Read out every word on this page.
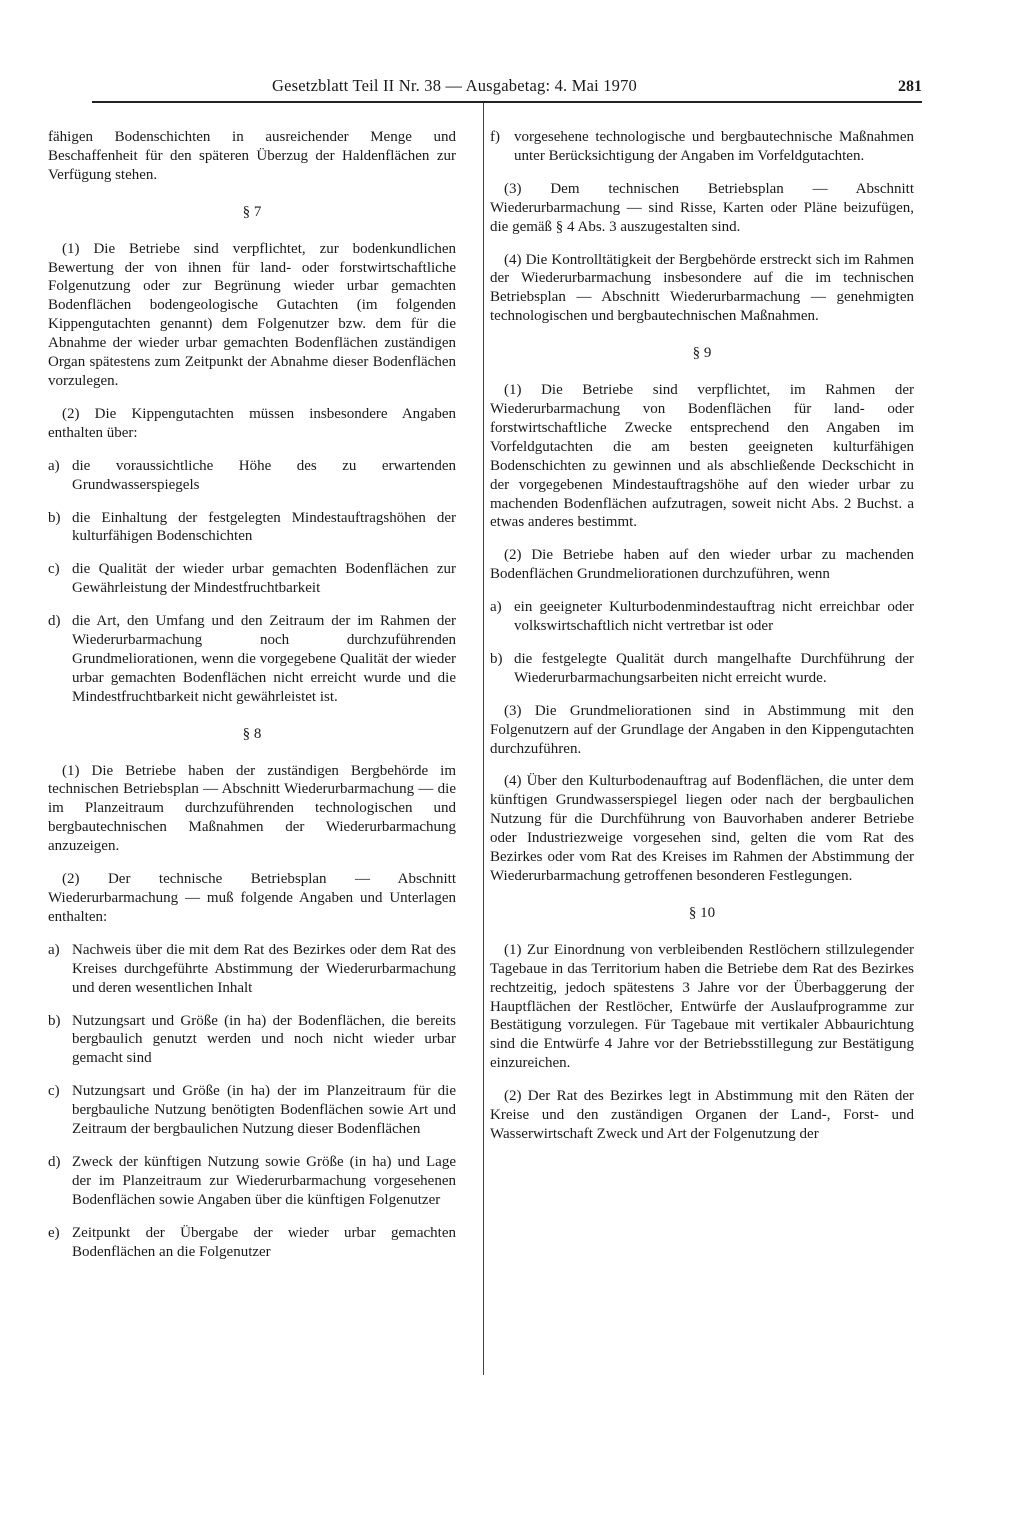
Gesetzblatt Teil II Nr. 38 — Ausgabetag: 4. Mai 1970	281

fähigen Bodenschichten in ausreichender Menge und Beschaffenheit für den späteren Überzug der Haldenflächen zur Verfügung stehen.

§ 7

(1) Die Betriebe sind verpflichtet, zur bodenkundlichen Bewertung der von ihnen für land- oder forstwirtschaftliche Folgenutzung oder zur Begrünung wieder urbar gemachten Bodenflächen bodengeologische Gutachten (im folgenden Kippengutachten genannt) dem Folgenutzer bzw. dem für die Abnahme der wieder urbar gemachten Bodenflächen zuständigen Organ spätestens zum Zeitpunkt der Abnahme dieser Bodenflächen vorzulegen.

(2) Die Kippengutachten müssen insbesondere Angaben enthalten über:

a) die voraussichtliche Höhe des zu erwartenden Grundwasserspiegels
b) die Einhaltung der festgelegten Mindestauftragshöhen der kulturfähigen Bodenschichten
c) die Qualität der wieder urbar gemachten Bodenflächen zur Gewährleistung der Mindestfruchtbarkeit
d) die Art, den Umfang und den Zeitraum der im Rahmen der Wiederurbarmachung noch durchzuführenden Grundmeliorationen, wenn die vorgegebene Qualität der wieder urbar gemachten Bodenflächen nicht erreicht wurde und die Mindestfruchtbarkeit nicht gewährleistet ist.
§ 8

(1) Die Betriebe haben der zuständigen Bergbehörde im technischen Betriebsplan — Abschnitt Wiederurbarmachung — die im Planzeitraum durchzuführenden technologischen und bergbautechnischen Maßnahmen der Wiederurbarmachung anzuzeigen.

(2) Der technische Betriebsplan — Abschnitt Wiederurbarmachung — muß folgende Angaben und Unterlagen enthalten:

a) Nachweis über die mit dem Rat des Bezirkes oder dem Rat des Kreises durchgeführte Abstimmung der Wiederurbarmachung und deren wesentlichen Inhalt
b) Nutzungsart und Größe (in ha) der Bodenflächen, die bereits bergbaulich genutzt werden und noch nicht wieder urbar gemacht sind
c) Nutzungsart und Größe (in ha) der im Planzeitraum für die bergbauliche Nutzung benötigten Bodenflächen sowie Art und Zeitraum der bergbaulichen Nutzung dieser Bodenflächen
d) Zweck der künftigen Nutzung sowie Größe (in ha) und Lage der im Planzeitraum zur Wiederurbarmachung vorgesehenen Bodenflächen sowie Angaben über die künftigen Folgenutzer
e) Zeitpunkt der Übergabe der wieder urbar gemachten Bodenflächen an die Folgenutzer
f) vorgesehene technologische und bergbautechnische Maßnahmen unter Berücksichtigung der Angaben im Vorfeldgutachten.

(3) Dem technischen Betriebsplan — Abschnitt Wiederurbarmachung — sind Risse, Karten oder Pläne beizufügen, die gemäß § 4 Abs. 3 auszugestalten sind.

(4) Die Kontrolltätigkeit der Bergbehörde erstreckt sich im Rahmen der Wiederurbarmachung insbesondere auf die im technischen Betriebsplan — Abschnitt Wiederurbarmachung — genehmigten technologischen und bergbautechnischen Maßnahmen.

§ 9

(1) Die Betriebe sind verpflichtet, im Rahmen der Wiederurbarmachung von Bodenflächen für land- oder forstwirtschaftliche Zwecke entsprechend den Angaben im Vorfeldgutachten die am besten geeigneten kulturfähigen Bodenschichten zu gewinnen und als abschließende Deckschicht in der vorgegebenen Mindestauftragshöhe auf den wieder urbar zu machenden Bodenflächen aufzutragen, soweit nicht Abs. 2 Buchst. a etwas anderes bestimmt.

(2) Die Betriebe haben auf den wieder urbar zu machenden Bodenflächen Grundmeliorationen durchzuführen, wenn

a) ein geeigneter Kulturbodenmindestauftrag nicht erreichbar oder volkswirtschaftlich nicht vertretbar ist oder
b) die festgelegte Qualität durch mangelhafte Durchführung der Wiederurbarmachungsarbeiten nicht erreicht wurde.

(3) Die Grundmeliorationen sind in Abstimmung mit den Folgenutzern auf der Grundlage der Angaben in den Kippengutachten durchzuführen.

(4) Über den Kulturbodenauftrag auf Bodenflächen, die unter dem künftigen Grundwasserspiegel liegen oder nach der bergbaulichen Nutzung für die Durchführung von Bauvorhaben anderer Betriebe oder Industriezweige vorgesehen sind, gelten die vom Rat des Bezirkes oder vom Rat des Kreises im Rahmen der Abstimmung der Wiederurbarmachung getroffenen besonderen Festlegungen.

§ 10

(1) Zur Einordnung von verbleibenden Restlöchern stillzulegender Tagebaue in das Territorium haben die Betriebe dem Rat des Bezirkes rechtzeitig, jedoch spätestens 3 Jahre vor der Überbaggerung der Hauptflächen der Restlöcher, Entwürfe der Auslaufprogramme zur Bestätigung vorzulegen. Für Tagebaue mit vertikaler Abbaurichtung sind die Entwürfe 4 Jahre vor der Betriebsstillegung zur Bestätigung einzureichen.

(2) Der Rat des Bezirkes legt in Abstimmung mit den Räten der Kreise und den zuständigen Organen der Land-, Forst- und Wasserwirtschaft Zweck und Art der Folgenutzung der
